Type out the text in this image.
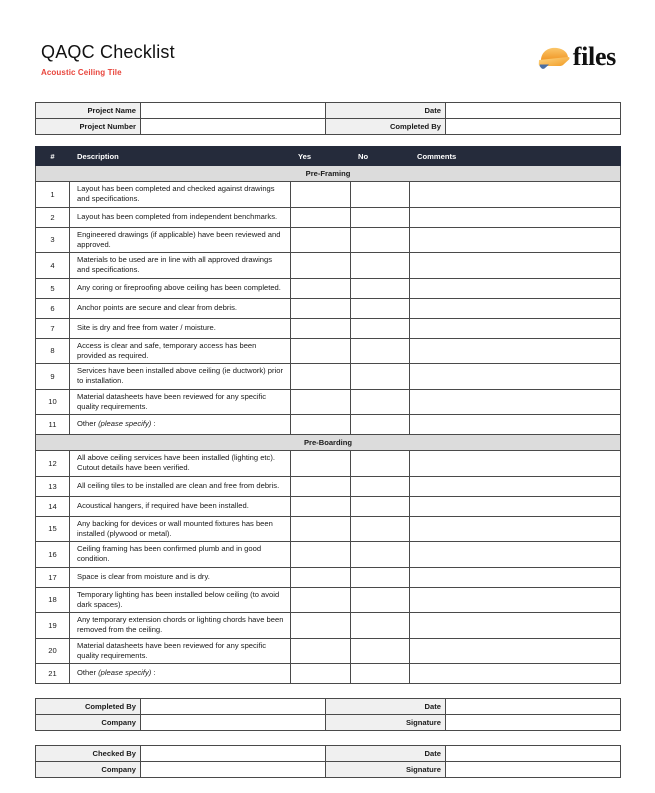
QAQC Checklist
Acoustic Ceiling Tile
files
Project Name		Date	
Project Number		Completed By	
#	Description	Yes	No	Comments
Pre-Framing				
1	Layout has been completed and checked against drawings and specifications.			
2	Layout has been completed from independent benchmarks.			
3	Engineered drawings (if applicable) have been reviewed and approved.			
4	Materials to be used are in line with all approved drawings and specifications.			
5	Any coring or fireproofing above ceiling has been completed.			
6	Anchor points are secure and clear from debris.			
7	Site is dry and free from water / moisture.			
8	Access is clear and safe, temporary access has been provided as required.			
9	Services have been installed above ceiling (ie ductwork) prior to installation.			
10	Material datasheets have been reviewed for any specific quality requirements.			
11	Other (please specify) :			
Pre-Boarding				
12	All above ceiling services have been installed (lighting etc). Cutout details have been verified.			
13	All ceiling tiles to be installed are clean and free from debris.			
14	Acoustical hangers, if required have been installed.			
15	Any backing for devices or wall mounted fixtures has been installed (plywood or metal).			
16	Ceiling framing has been confirmed plumb and in good condition.			
17	Space is clear from moisture and is dry.			
18	Temporary lighting has been installed below ceiling (to avoid dark spaces).			
19	Any temporary extension chords or lighting chords have been removed from the ceiling.			
20	Material datasheets have been reviewed for any specific quality requirements.			
21	Other (please specify) :			
Completed By		Date	
Company		Signature	
Checked By		Date	
Company		Signature	
